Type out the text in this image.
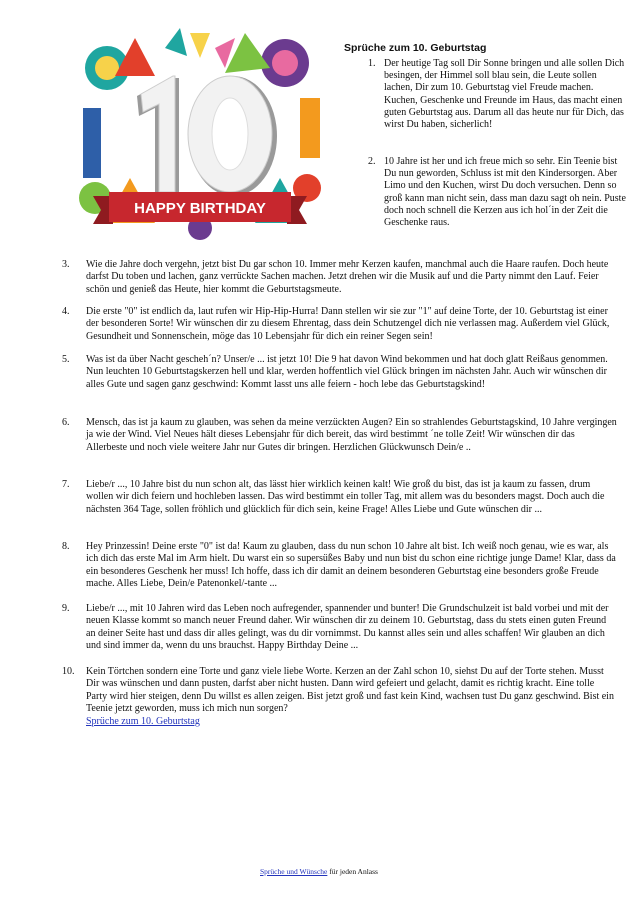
HAPPY BIRTHDAY
Sprüche zum 10. Geburtstag
1. Der heutige Tag soll Dir Sonne bringen und alle sollen Dich besingen, der Himmel soll blau sein, die Leute sollen lachen, Dir zum 10. Geburtstag viel Freude machen. Kuchen, Geschenke und Freunde im Haus, das macht einen guten Geburtstag aus. Darum all das heute nur für Dich, das wirst Du haben, sicherlich!
2. 10 Jahre ist her und ich freue mich so sehr. Ein Teenie bist Du nun geworden, Schluss ist mit den Kindersorgen. Aber Limo und den Kuchen, wirst Du doch versuchen. Denn so groß kann man nicht sein, dass man dazu sagt oh nein. Puste doch noch schnell die Kerzen aus ich hol´in der Zeit die Geschenke raus.
3.	Wie die Jahre doch vergehn, jetzt bist Du gar schon 10. Immer mehr Kerzen kaufen, manchmal auch die Haare raufen. Doch heute darfst Du toben und lachen, ganz verrückte Sachen machen. Jetzt drehen wir die Musik auf und die Party nimmt den Lauf. Feier schön und genieß das Heute, hier kommt die Geburtstagsmeute.
4.	Die erste "0" ist endlich da, laut rufen wir Hip-Hip-Hurra! Dann stellen wir sie zur "1" auf deine Torte, der 10. Geburtstag ist einer der besonderen Sorte! Wir wünschen dir zu diesem Ehrentag, dass dein Schutzengel dich nie verlassen mag. Außerdem viel Glück, Gesundheit und Sonnenschein, möge das 10 Lebensjahr für dich ein reiner Segen sein!
5.	Was ist da über Nacht gescheh´n? Unser/e ... ist jetzt 10! Die 9 hat davon Wind bekommen und hat doch glatt Reißaus genommen. Nun leuchten 10 Geburtstagskerzen hell und klar, werden hoffentlich viel Glück bringen im nächsten Jahr. Auch wir wünschen dir alles Gute und sagen ganz geschwind: Kommt lasst uns alle feiern - hoch lebe das Geburtstagskind!
6.	Mensch, das ist ja kaum zu glauben, was sehen da meine verzückten Augen? Ein so strahlendes Geburtstagskind, 10 Jahre vergingen ja wie der Wind. Viel Neues hält dieses Lebensjahr für dich bereit, das wird bestimmt ´ne tolle Zeit! Wir wünschen dir das Allerbeste und noch viele weitere Jahr nur Gutes dir bringen. Herzlichen Glückwunsch Dein/e ..
7.	Liebe/r ..., 10 Jahre bist du nun schon alt, das lässt hier wirklich keinen kalt! Wie groß du bist, das ist ja kaum zu fassen, drum wollen wir dich feiern und hochleben lassen. Das wird bestimmt ein toller Tag, mit allem was du besonders magst. Doch auch die nächsten 364 Tage, sollen fröhlich und glücklich für dich sein, keine Frage! Alles Liebe und Gute wünschen dir ...
8.	Hey Prinzessin! Deine erste "0" ist da! Kaum zu glauben, dass du nun schon 10 Jahre alt bist. Ich weiß noch genau, wie es war, als ich dich das erste Mal im Arm hielt. Du warst ein so supersüßes Baby und nun bist du schon eine richtige junge Dame! Klar, dass da ein besonderes Geschenk her muss! Ich hoffe, dass ich dir damit an deinem besonderen Geburtstag eine besonders große Freude mache. Alles Liebe, Dein/e Patenonkel/-tante ...
9.	Liebe/r ..., mit 10 Jahren wird das Leben noch aufregender, spannender und bunter! Die Grundschulzeit ist bald vorbei und mit der neuen Klasse kommt so manch neuer Freund daher. Wir wünschen dir zu deinem 10. Geburtstag, dass du stets einen guten Freund an deiner Seite hast und dass dir alles gelingt, was du dir vornimmst. Du kannst alles sein und alles schaffen! Wir glauben an dich und sind immer da, wenn du uns brauchst. Happy Birthday Deine ...
10.	Kein Törtchen sondern eine Torte und ganz viele liebe Worte. Kerzen an der Zahl schon 10, siehst Du auf der Torte stehen. Musst Dir was wünschen und dann pusten, darfst aber nicht husten. Dann wird gefeiert und gelacht, damit es richtig kracht. Eine tolle Party wird hier steigen, denn Du willst es allen zeigen. Bist jetzt groß und fast kein Kind, wachsen tust Du ganz geschwind. Bist ein Teenie jetzt geworden, muss ich mich nun sorgen?
Sprüche zum 10. Geburtstag
Sprüche und Wünsche für jeden Anlass
